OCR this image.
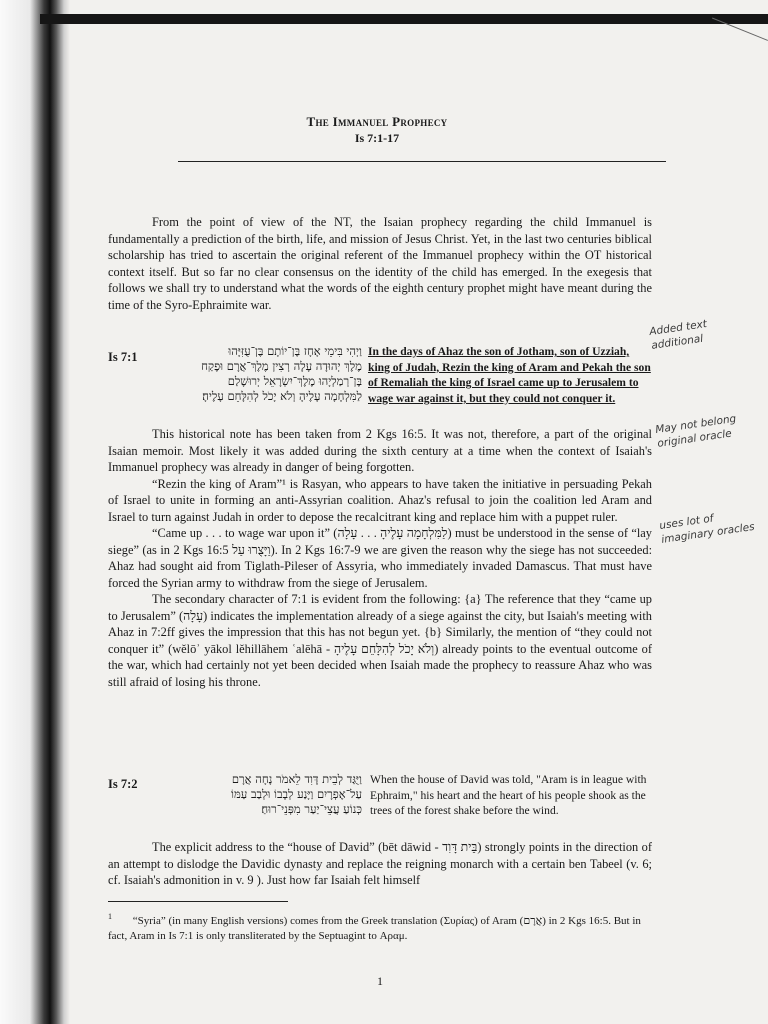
The Immanuel Prophecy
Is 7:1-17

From the point of view of the NT, the Isaian prophecy regarding the child Immanuel is fundamentally a prediction of the birth, life, and mission of Jesus Christ. Yet, in the last two centuries biblical scholarship has tried to ascertain the original referent of the Immanuel prophecy within the OT historical context itself. But so far no clear consensus on the identity of the child has emerged. In the exegesis that follows we shall try to understand what the words of the eighth century prophet might have meant during the time of the Syro-Ephraimite war.

Is 7:1	וַיְהִי בִּימֵי אָחָז בֶּן־יוֹתָם בֶּן־עֻזִּיָּהוּ
מֶלֶךְ יְהוּדָה עָלָה רְצִין מֶלֶךְ־אֲרָם וּפֶקַח
בֶּן־רְמַלְיָהוּ מֶלֶךְ־יִשְׂרָאֵל יְרוּשָׁלַם
לַמִּלְחָמָה עָלֶיהָ וְלֹא יָכֹל לְהִלָּחֵם עָלֶיהָ׃
In the days of Ahaz the son of Jotham, son of Uzziah, king of Judah, Rezin the king of Aram and Pekah the son of Remaliah the king of Israel came up to Jerusalem to wage war against it, but they could not conquer it.
Added text additional
May not belong original oracle
uses lot of imaginary oracles

This historical note has been taken from 2 Kgs 16:5. It was not, therefore, a part of the original Isaian memoir. Most likely it was added during the sixth century at a time when the context of Isaiah's Immanuel prophecy was already in danger of being forgotten.

“Rezin the king of Aram”¹ is Rasyan, who appears to have taken the initiative in persuading Pekah of Israel to unite in forming an anti-Assyrian coalition. Ahaz's refusal to join the coalition led Aram and Israel to turn against Judah in order to depose the recalcitrant king and replace him with a puppet ruler.

“Came up . . . to wage war upon it” (לַמִּלְחָמָה עָלֶיהָ . . . עָלָה) must be understood in the sense of “lay siege” (as in 2 Kgs 16:5 וַיָּצֻרוּ עַל). In 2 Kgs 16:7-9 we are given the reason why the siege has not succeeded: Ahaz had sought aid from Tiglath-Pileser of Assyria, who immediately invaded Damascus. That must have forced the Syrian army to withdraw from the siege of Jerusalem.

The secondary character of 7:1 is evident from the following: {a} The reference that they “came up to Jerusalem” (עָלָה) indicates the implementation already of a siege against the city, but Isaiah's meeting with Ahaz in 7:2ff gives the impression that this has not begun yet. {b} Similarly, the mention of “they could not conquer it” (wĕlōʾ yākol lĕhillāhem ʿalēhā - וְלֹא יָכֹל לְהִלָּחֵם עָלֶיהָ) already points to the eventual outcome of the war, which had certainly not yet been decided when Isaiah made the prophecy to reassure Ahaz who was still afraid of losing his throne.

Is 7:2	וַיֻּגַּד לְבֵית דָּוִד לֵאמֹר נָחָה אֲרָם
עַל־אֶפְרָיִם וַיָּנַע לְבָבוֹ וּלְבַב עַמּוֹ
כְּנוֹעַ עֲצֵי־יַעַר מִפְּנֵי־רוּחַ׃
When the house of David was told, "Aram is in league with Ephraim," his heart and the heart of his people shook as the trees of the forest shake before the wind.

The explicit address to the “house of David” (bēt dāwid - בֵּית דָּוִד) strongly points in the direction of an attempt to dislodge the Davidic dynasty and replace the reigning monarch with a certain ben Tabeel (v. 6; cf. Isaiah's admonition in v. 9 ). Just how far Isaiah felt himself

$^1$ “Syria” (in many English versions) comes from the Greek translation (Συρίας) of Aram (אֲרָם) in 2 Kgs 16:5. But in fact, Aram in Is 7:1 is only transliterated by the Septuagint to Αραμ.
1
